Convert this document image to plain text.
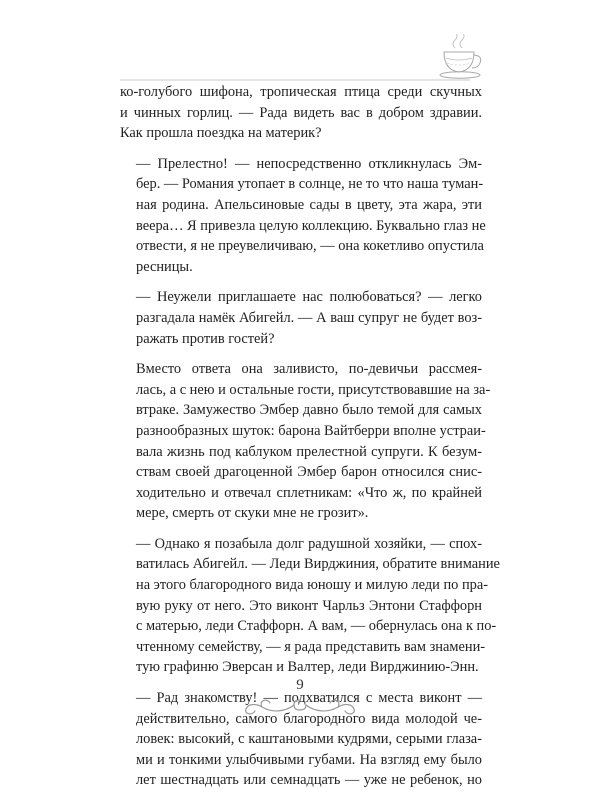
ко-голубого шифона, тропическая птица среди скучных
и чинных горлиц. — Рада видеть вас в добром здравии.
Как прошла поездка на материк?

— Прелестно! — непосредственно откликнулась Эм-
бер. — Романия утопает в солнце, не то что наша туман-
ная родина. Апельсиновые сады в цвету, эта жара, эти
веера… Я привезла целую коллекцию. Буквально глаз не
отвести, я не преувеличиваю, — она кокетливо опустила
ресницы.

— Неужели приглашаете нас полюбоваться? — легко
разгадала намёк Абигейл. — А ваш супруг не будет воз-
ражать против гостей?

Вместо ответа она заливисто, по-девичьи рассмея-
лась, а с нею и остальные гости, присутствовавшие на за-
втраке. Замужество Эмбер давно было темой для самых
разнообразных шуток: барона Вайтберри вполне устраи-
вала жизнь под каблуком прелестной супруги. К безум-
ствам своей драгоценной Эмбер барон относился снис-
ходительно и отвечал сплетникам: «Что ж, по крайней
мере, смерть от скуки мне не грозит».

— Однако я позабыла долг радушной хозяйки, — спох-
ватилась Абигейл. — Леди Вирджиния, обратите внимание
на этого благородного вида юношу и милую леди по пра-
вую руку от него. Это виконт Чарльз Энтони Стаффорн
с матерью, леди Стаффорн. А вам, — обернулась она к по-
чтенному семейству, — я рада представить вам знамени-
тую графиню Эверсан и Валтер, леди Вирджинию-Энн.

— Рад знакомству! — подхватился с места виконт —
действительно, самого благородного вида молодой че-
ловек: высокий, с каштановыми кудрями, серыми глаза-
ми и тонкими улыбчивыми губами. На взгляд ему было
лет шестнадцать или семнадцать — уже не ребенок, но

9
